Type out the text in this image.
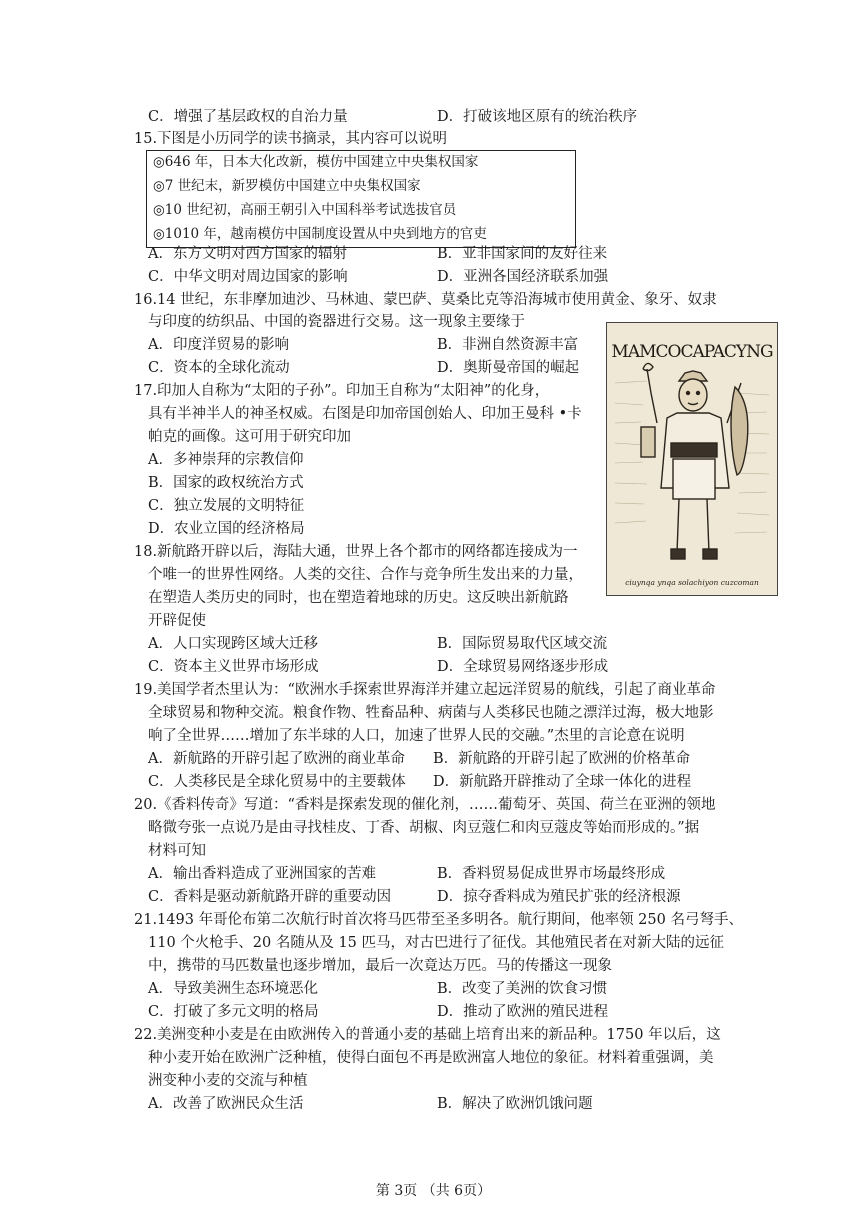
C．增强了基层政权的自治力量	D．打破该地区原有的统治秩序
15.下图是小历同学的读书摘录，其内容可以说明
◎646 年，日本大化改新，模仿中国建立中央集权国家
◎7 世纪末，新罗模仿中国建立中央集权国家
◎10 世纪初，高丽王朝引入中国科举考试选拔官员
◎1010 年，越南模仿中国制度设置从中央到地方的官吏
A．东方文明对西方国家的辐射	B．亚非国家间的友好往来
C．中华文明对周边国家的影响	D．亚洲各国经济联系加强
16.14 世纪，东非摩加迪沙、马林迪、蒙巴萨、莫桑比克等沿海城市使用黄金、象牙、奴隶
与印度的纺织品、中国的瓷器进行交易。这一现象主要缘于
A．印度洋贸易的影响	B．非洲自然资源丰富
C．资本的全球化流动	D．奥斯曼帝国的崛起
17.印加人自称为“太阳的子孙”。印加王自称为“太阳神”的化身，
具有半神半人的神圣权威。右图是印加帝国创始人、印加王曼科 •卡
帕克的画像。这可用于研究印加
A．多神崇拜的宗教信仰
B．国家的政权统治方式
C．独立发展的文明特征
D．农业立国的经济格局
MAMCOCAPACYNG
ciuynqa ynqa solachiyon cuzcoman
18.新航路开辟以后，海陆大通，世界上各个都市的网络都连接成为一
个唯一的世界性网络。人类的交往、合作与竞争所生发出来的力量，
在塑造人类历史的同时，也在塑造着地球的历史。这反映出新航路
开辟促使
A．人口实现跨区域大迁移	B．国际贸易取代区域交流
C．资本主义世界市场形成	D．全球贸易网络逐步形成
19.美国学者杰里认为：“欧洲水手探索世界海洋并建立起远洋贸易的航线，引起了商业革命
全球贸易和物种交流。粮食作物、牲畜品种、病菌与人类移民也随之漂洋过海，极大地影
响了全世界……增加了东半球的人口，加速了世界人民的交融。”杰里的言论意在说明
A．新航路的开辟引起了欧洲的商业革命 B．新航路的开辟引起了欧洲的价格革命
C．人类移民是全球化贸易中的主要载体 D．新航路开辟推动了全球一体化的进程
20.《香料传奇》写道：“香料是探索发现的催化剂，……葡萄牙、英国、荷兰在亚洲的领地
略微夸张一点说乃是由寻找桂皮、丁香、胡椒、肉豆蔻仁和肉豆蔻皮等始而形成的。”据
材料可知
A．输出香料造成了亚洲国家的苦难	B．香料贸易促成世界市场最终形成
C．香料是驱动新航路开辟的重要动因	D．掠夺香料成为殖民扩张的经济根源
21.1493 年哥伦布第二次航行时首次将马匹带至圣多明各。航行期间，他率领 250 名弓弩手、
110 个火枪手、20 名随从及 15 匹马，对古巴进行了征伐。其他殖民者在对新大陆的远征
中，携带的马匹数量也逐步增加，最后一次竟达万匹。马的传播这一现象
A．导致美洲生态环境恶化	B．改变了美洲的饮食习惯
C．打破了多元文明的格局	D．推动了欧洲的殖民进程
22.美洲变种小麦是在由欧洲传入的普通小麦的基础上培育出来的新品种。1750 年以后，这
种小麦开始在欧洲广泛种植，使得白面包不再是欧洲富人地位的象征。材料着重强调，美
洲变种小麦的交流与种植
A．改善了欧洲民众生活	B．解决了欧洲饥饿问题
第 3页 （共 6页）
